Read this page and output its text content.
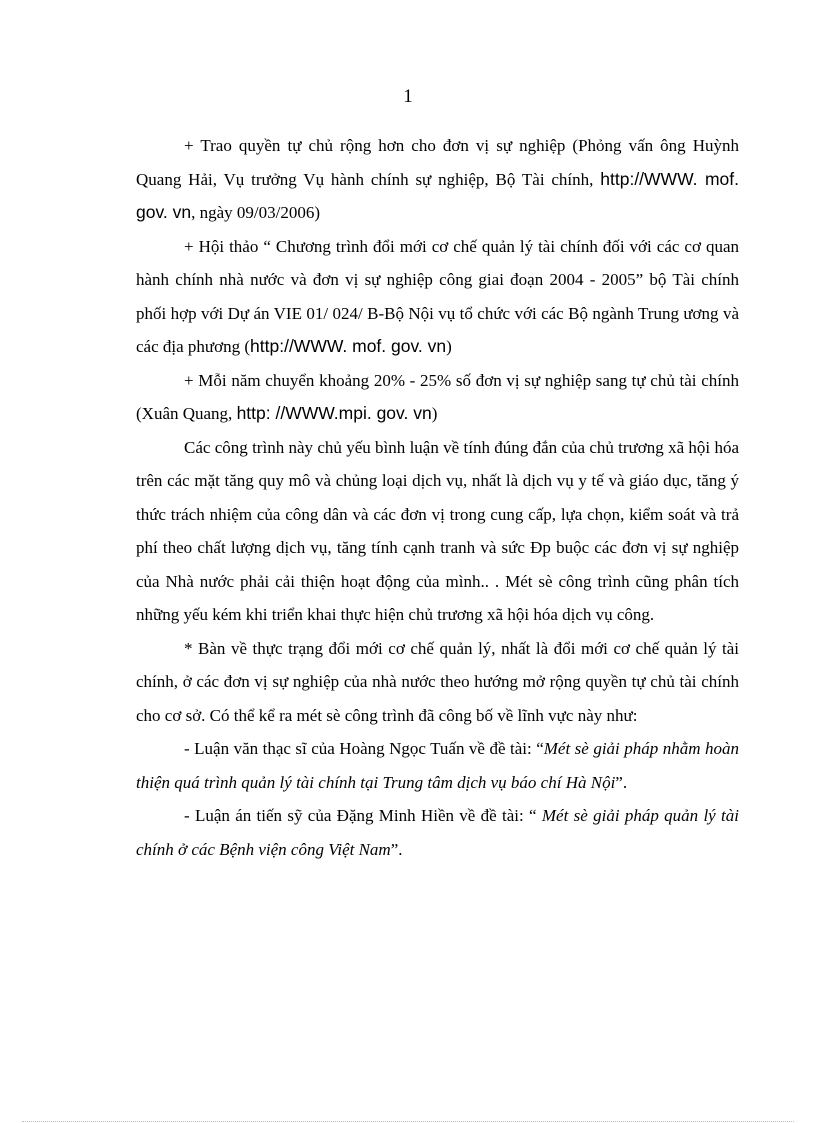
1

+ Trao quyền tự chủ rộng hơn cho đơn vị sự nghiệp (Phỏng vấn ông Huỳnh Quang Hải, Vụ trưởng Vụ hành chính sự nghiệp, Bộ Tài chính, http://WWW. mof. gov. vn, ngày 09/03/2006)

+ Hội thảo “ Chương trình đổi mới cơ chế quản lý tài chính đối với các cơ quan hành chính nhà nước và đơn vị sự nghiệp công giai đoạn 2004 - 2005” bộ Tài chính phối hợp với Dự án VIE 01/ 024/ B-Bộ Nội vụ tổ chức với các Bộ ngành Trung ương và các địa phương (http://WWW. mof. gov. vn)

+ Mỗi năm chuyển khoảng 20% - 25% số đơn vị sự nghiệp sang tự chủ tài chính (Xuân Quang, http: //WWW.mpi. gov. vn)

Các công trình này chủ yếu bình luận về tính đúng đắn của chủ trương xã hội hóa trên các mặt tăng quy mô và chủng loại dịch vụ, nhất là dịch vụ y tế và giáo dục, tăng ý thức trách nhiệm của công dân và các đơn vị trong cung cấp, lựa chọn, kiểm soát và trả phí theo chất lượng dịch vụ, tăng tính cạnh tranh và sức Ðp buộc các đơn vị sự nghiệp của Nhà nước phải cải thiện hoạt động của mình.. . Mét sè công trình cũng phân tích những yếu kém khi triển khai thực hiện chủ trương xã hội hóa dịch vụ công.

* Bàn về thực trạng đổi mới cơ chế quản lý, nhất là đổi mới cơ chế quản lý tài chính, ở các đơn vị sự nghiệp của nhà nước theo hướng mở rộng quyền tự chủ tài chính cho cơ sở. Có thể kể ra mét sè công trình đã công bố về lĩnh vực này như:

- Luận văn thạc sĩ của Hoàng Ngọc Tuấn về đề tài: “Mét sè giải pháp nhằm hoàn thiện quá trình quản lý tài chính tại Trung tâm dịch vụ báo chí Hà Nội”.

- Luận án tiến sỹ của Đặng Minh Hiền về đề tài: “ Mét sè giải pháp quản lý tài chính ở các Bệnh viện công Việt Nam”.
